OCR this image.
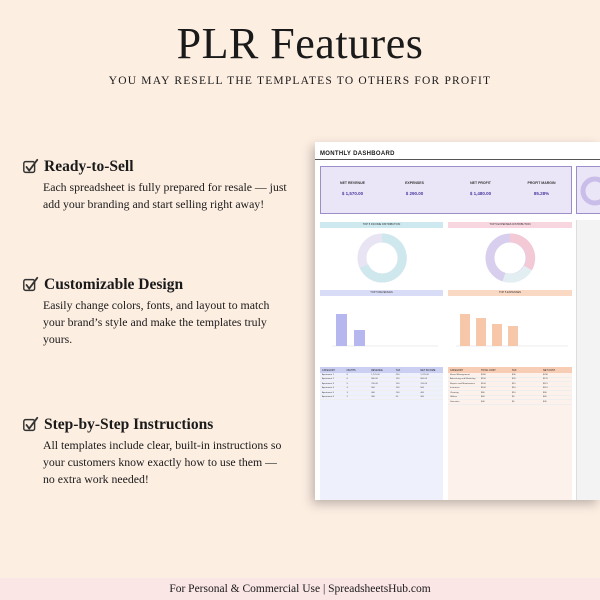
PLR Features
YOU MAY RESELL THE TEMPLATES TO OTHERS FOR PROFIT
Ready-to-Sell
Each spreadsheet is fully prepared for resale — just add your branding and start selling right away!
Customizable Design
Easily change colors, fonts, and layout to match your brand’s style and make the templates truly yours.
Step-by-Step Instructions
All templates include clear, built-in instructions so your customers know exactly how to use them — no extra work needed!
MONTHLY DASHBOARD
NET REVENUE
$ 1,570.00
EXPENSES
$ 290.00
NET PROFIT
$ 1,480.00
PROFIT MARGIN
85.28%
TOP 5 INCOME DISTRIBUTION	TOP 5 EXPENSES DISTRIBUTION
TOP 5 REVENUES	TOP 5 EXPENSES
CATEGORY	NIGHTS	REVENUE	TAX	NET INCOME
Apartment 1	8	1,270.00	250	1,270.00
Apartment 2	6	900.00	150	900.00
Apartment 3	5	700.00	100	700.00
Apartment 4	4	500	100	500
Apartment 5	3	400	100	400
Apartment 6	2	300	50	300
CATEGORY	TOTAL COST	TAX	NET COST
Rental Management	$200	$30	$230
Advertising and Marketing	$150	$20	$170
Repairs and Maintenance	$100	$15	$115
Insurance	$100	$10	$110
Cleaning	$80	$10	$90
Utilities	$60	$5	$65
Groceries	$40	$5	$45
For Personal & Commercial Use | SpreadsheetsHub.com
